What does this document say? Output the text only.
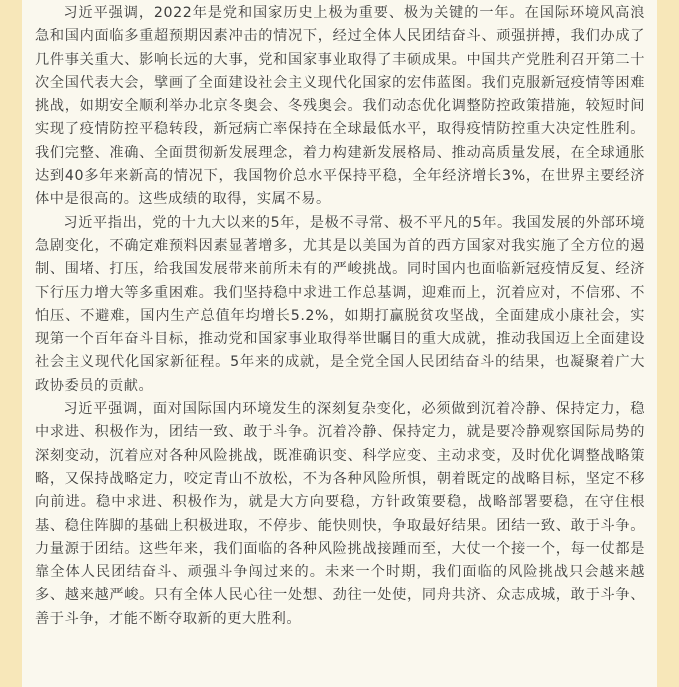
习近平强调，2022年是党和国家历史上极为重要、极为关键的一年。在国际环境风高浪急和国内面临多重超预期因素冲击的情况下，经过全体人民团结奋斗、顽强拼搏，我们办成了几件事关重大、影响长远的大事，党和国家事业取得了丰硕成果。中国共产党胜利召开第二十次全国代表大会，擘画了全面建设社会主义现代化国家的宏伟蓝图。我们克服新冠疫情等困难挑战，如期安全顺利举办北京冬奥会、冬残奥会。我们动态优化调整防控政策措施，较短时间实现了疫情防控平稳转段，新冠病亡率保持在全球最低水平，取得疫情防控重大决定性胜利。我们完整、准确、全面贯彻新发展理念，着力构建新发展格局、推动高质量发展，在全球通胀达到40多年来新高的情况下，我国物价总水平保持平稳，全年经济增长3%，在世界主要经济体中是很高的。这些成绩的取得，实属不易。

习近平指出，党的十九大以来的5年，是极不寻常、极不平凡的5年。我国发展的外部环境急剧变化，不确定难预料因素显著增多，尤其是以美国为首的西方国家对我实施了全方位的遏制、围堵、打压，给我国发展带来前所未有的严峻挑战。同时国内也面临新冠疫情反复、经济下行压力增大等多重困难。我们坚持稳中求进工作总基调，迎难而上，沉着应对，不信邪、不怕压、不避难，国内生产总值年均增长5.2%，如期打赢脱贫攻坚战，全面建成小康社会，实现第一个百年奋斗目标，推动党和国家事业取得举世瞩目的重大成就，推动我国迈上全面建设社会主义现代化国家新征程。5年来的成就，是全党全国人民团结奋斗的结果，也凝聚着广大政协委员的贡献。

习近平强调，面对国际国内环境发生的深刻复杂变化，必须做到沉着冷静、保持定力，稳中求进、积极作为，团结一致、敢于斗争。沉着冷静、保持定力，就是要冷静观察国际局势的深刻变动，沉着应对各种风险挑战，既准确识变、科学应变、主动求变，及时优化调整战略策略，又保持战略定力，咬定青山不放松，不为各种风险所惧，朝着既定的战略目标，坚定不移向前进。稳中求进、积极作为，就是大方向要稳，方针政策要稳，战略部署要稳，在守住根基、稳住阵脚的基础上积极进取，不停步、能快则快，争取最好结果。团结一致、敢于斗争。力量源于团结。这些年来，我们面临的各种风险挑战接踵而至，大仗一个接一个，每一仗都是靠全体人民团结奋斗、顽强斗争闯过来的。未来一个时期，我们面临的风险挑战只会越来越多、越来越严峻。只有全体人民心往一处想、劲往一处使，同舟共济、众志成城，敢于斗争、善于斗争，才能不断夺取新的更大胜利。
